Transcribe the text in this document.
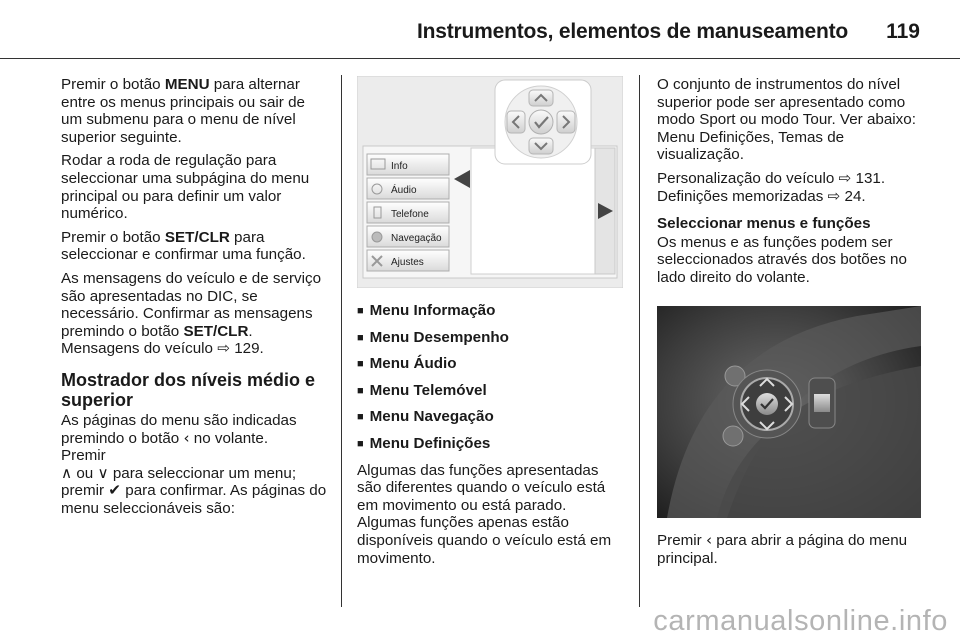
Instrumentos, elementos de manuseamento 119

Premir o botão MENU para alternar entre os menus principais ou sair de um submenu para o menu de nível superior seguinte.

Rodar a roda de regulação para seleccionar uma subpágina do menu principal ou para definir um valor numérico.

Premir o botão SET/CLR para seleccionar e confirmar uma função.

As mensagens do veículo e de serviço são apresentadas no DIC, se necessário. Confirmar as mensagens premindo o botão SET/CLR.
Mensagens do veículo ⇨ 129.

Mostrador dos níveis médio e superior

As páginas do menu são indicadas premindo o botão ‹ no volante.
Premir

∧ ou ∨ para seleccionar um menu; premir ✔ para confirmar. As páginas do menu seleccionáveis são:

Info
Áudio
Telefone
Navegação
Ajustes
■ Menu Informação
■ Menu Desempenho
■ Menu Áudio
■ Menu Telemóvel
■ Menu Navegação
■ Menu Definições

Algumas das funções apresentadas são diferentes quando o veículo está em movimento ou está parado. Algumas funções apenas estão disponíveis quando o veículo está em movimento.

O conjunto de instrumentos do nível superior pode ser apresentado como modo Sport ou modo Tour. Ver abaixo: Menu Definições, Temas de visualização.

Personalização do veículo ⇨ 131.
Definições memorizadas ⇨ 24.

Seleccionar menus e funções

Os menus e as funções podem ser seleccionados através dos botões no lado direito do volante.

Premir ‹ para abrir a página do menu principal.

carmanualsonline.info
